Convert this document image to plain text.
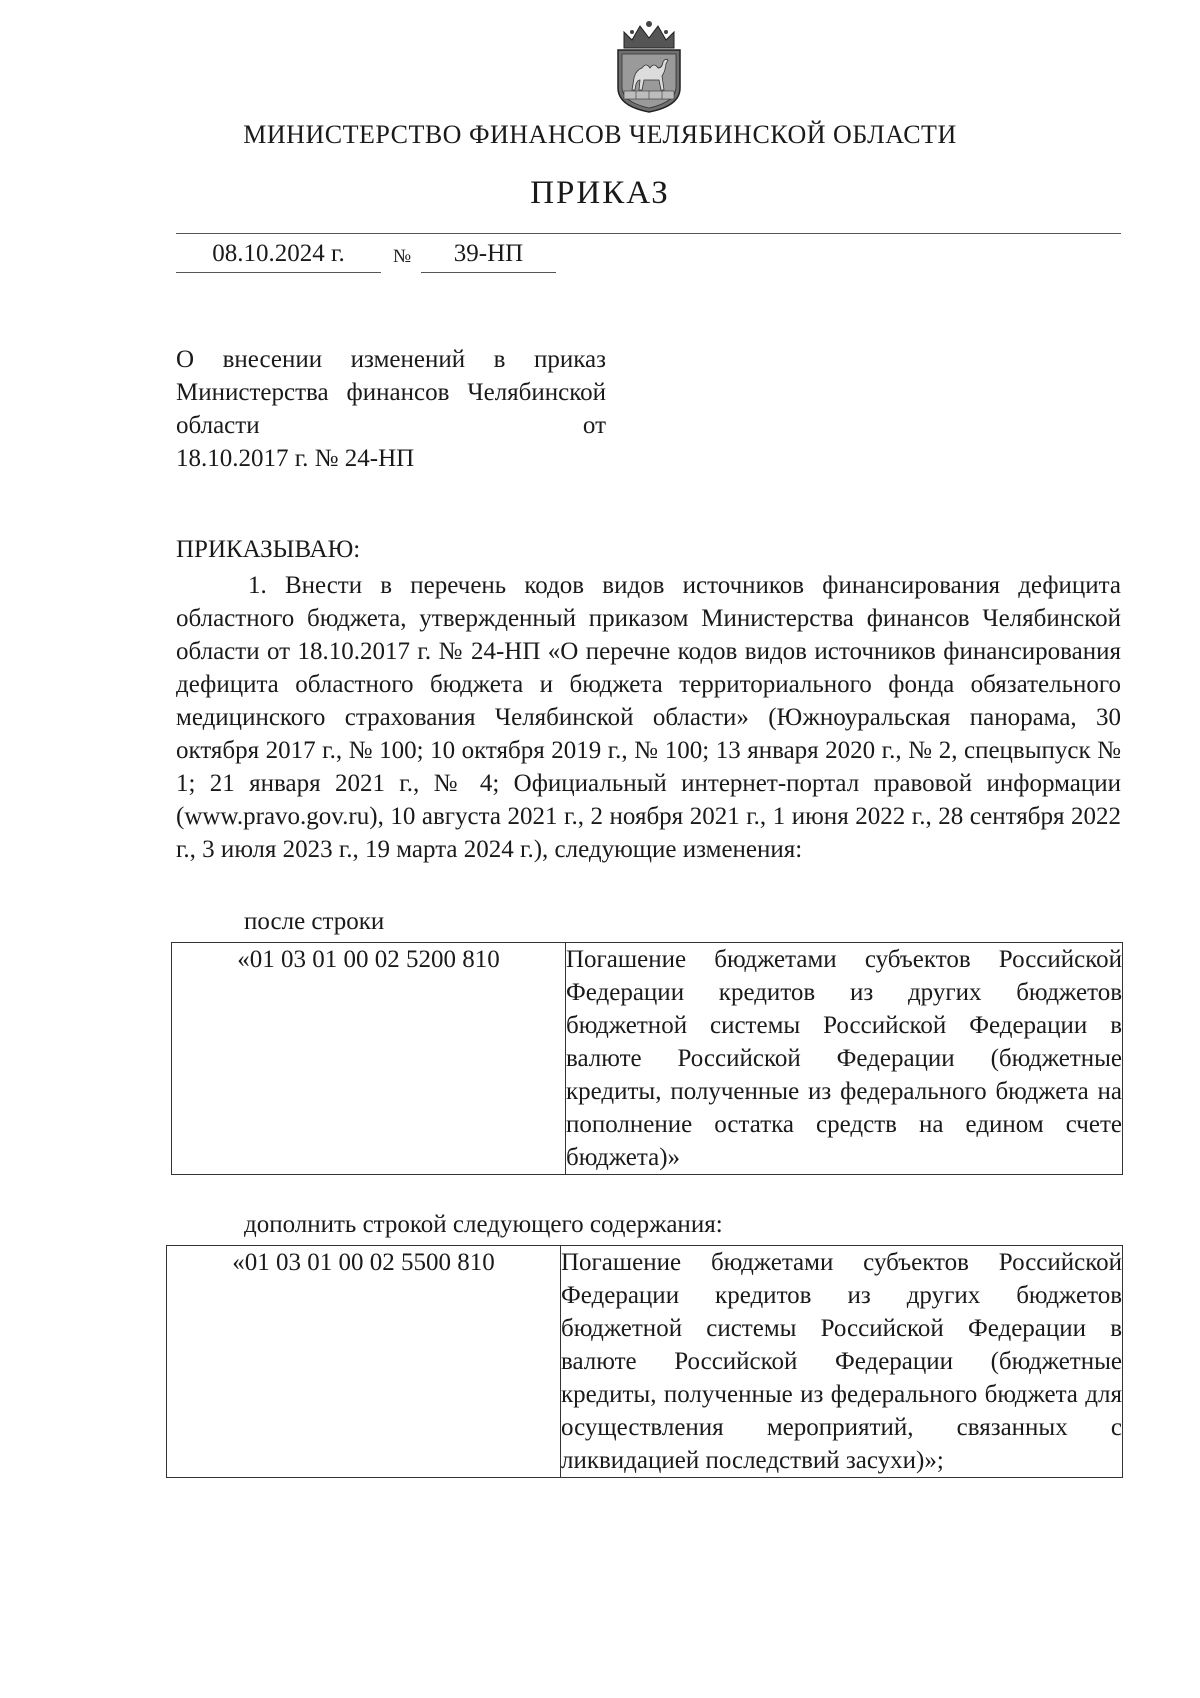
МИНИСТЕРСТВО ФИНАНСОВ ЧЕЛЯБИНСКОЙ ОБЛАСТИ
ПРИКАЗ
08.10.2024 г.	№	39-НП
О внесении изменений в приказ Министерства финансов Челябинской области от
18.10.2017 г. № 24-НП
ПРИКАЗЫВАЮ:
1. Внести в перечень кодов видов источников финансирования дефицита областного бюджета, утвержденный приказом Министерства финансов Челябинской области от 18.10.2017 г. № 24-НП «О перечне кодов видов источников финансирования дефицита областного бюджета и бюджета территориального фонда обязательного медицинского страхования Челябинской области» (Южноуральская панорама, 30 октября 2017 г., № 100; 10 октября 2019 г., № 100; 13 января 2020 г., № 2, спецвыпуск № 1; 21 января 2021 г., № 4; Официальный интернет-портал правовой информации (www.pravo.gov.ru), 10 августа 2021 г., 2 ноября 2021 г., 1 июня 2022 г., 28 сентября 2022 г., 3 июля 2023 г., 19 марта 2024 г.), следующие изменения:
после строки
«01 03 01 00 02 5200 810	Погашение бюджетами субъектов Российской Федерации кредитов из других бюджетов бюджетной системы Российской Федерации в валюте Российской Федерации (бюджетные кредиты, полученные из федерального бюджета на пополнение остатка средств на едином счете бюджета)»
дополнить строкой следующего содержания:
«01 03 01 00 02 5500 810	Погашение бюджетами субъектов Российской Федерации кредитов из других бюджетов бюджетной системы Российской Федерации в валюте Российской Федерации (бюджетные кредиты, полученные из федерального бюджета для осуществления мероприятий, связанных с ликвидацией последствий засухи)»;
